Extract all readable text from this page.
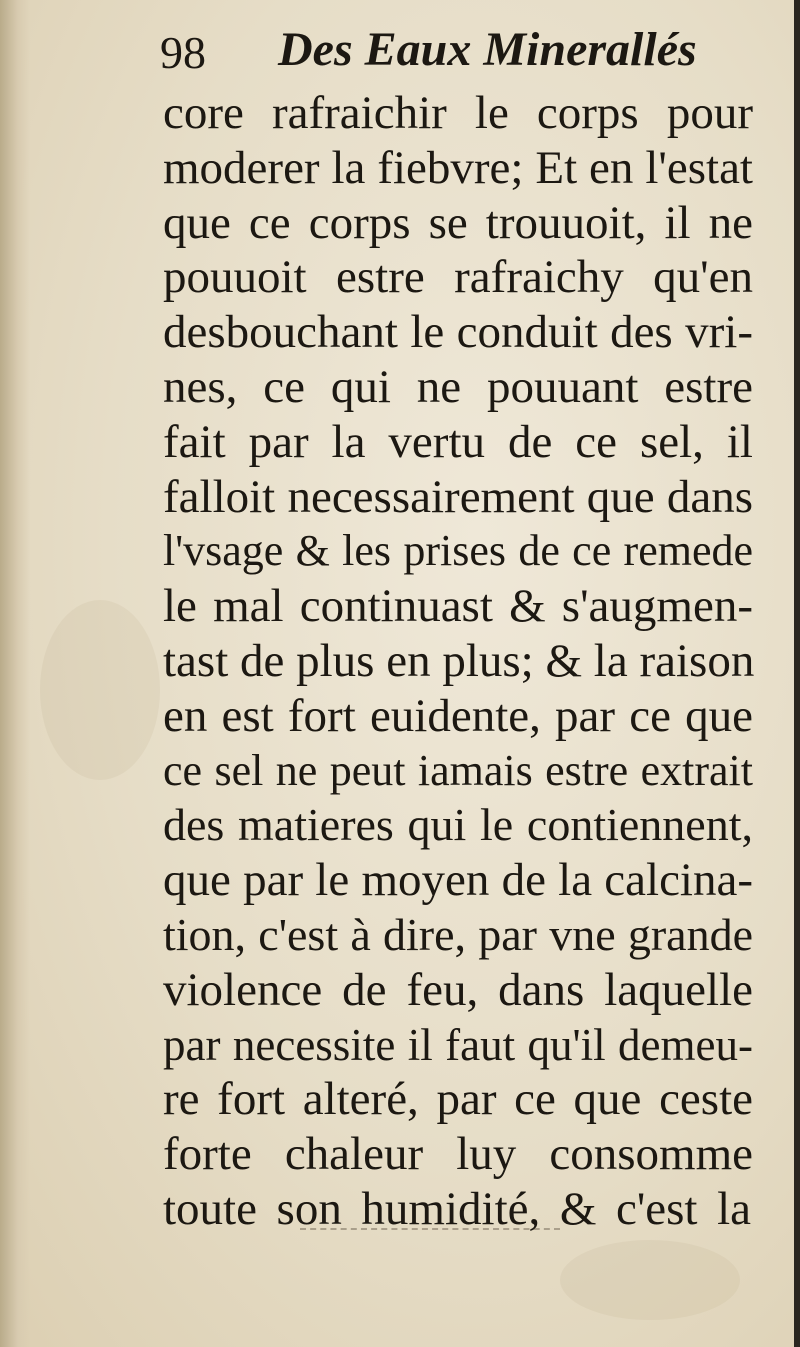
98 Des Eaux Minerallés
core rafraichir le corps pour
moderer la fiebvre; Et en l'estat
que ce corps se trouuoit, il ne
pouuoit estre rafraichy qu'en
desbouchant le conduit des vri-
nes, ce qui ne pouuant estre
fait par la vertu de ce sel, il
falloit necessairement que dans
l'vsage & les prises de ce remede
le mal continuast & s'augmen-
tast de plus en plus; & la raison
en est fort euidente, par ce que
ce sel ne peut iamais estre extrait
des matieres qui le contiennent,
que par le moyen de la calcina-
tion, c'est à dire, par vne grande
violence de feu, dans laquelle
par necessite il faut qu'il demeu-
re fort alteré, par ce que ceste
forte chaleur luy consomme
toute son humidité, & c'est la
